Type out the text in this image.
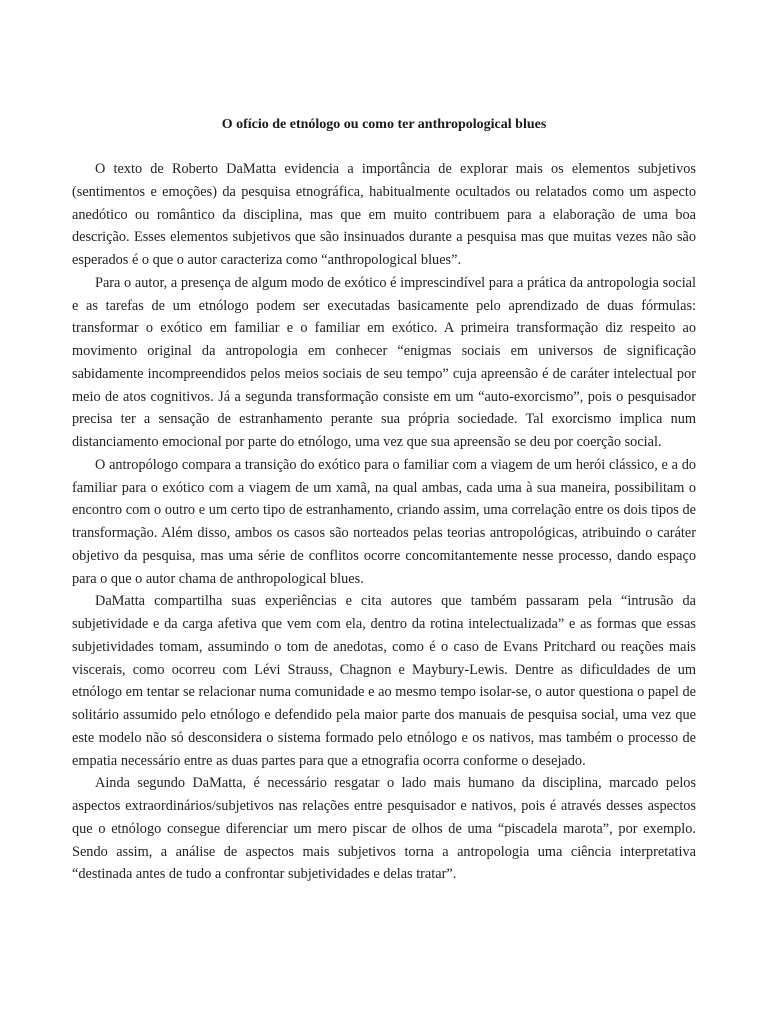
O ofício de etnólogo ou como ter anthropological blues

O texto de Roberto DaMatta evidencia a importância de explorar mais os elementos subjetivos (sentimentos e emoções) da pesquisa etnográfica, habitualmente ocultados ou relatados como um aspecto anedótico ou romântico da disciplina, mas que em muito contribuem para a elaboração de uma boa descrição. Esses elementos subjetivos que são insinuados durante a pesquisa mas que muitas vezes não são esperados é o que o autor caracteriza como “anthropological blues”.

Para o autor, a presença de algum modo de exótico é imprescindível para a prática da antropologia social e as tarefas de um etnólogo podem ser executadas basicamente pelo aprendizado de duas fórmulas: transformar o exótico em familiar e o familiar em exótico. A primeira transformação diz respeito ao movimento original da antropologia em conhecer “enigmas sociais em universos de significação sabidamente incompreendidos pelos meios sociais de seu tempo” cuja apreensão é de caráter intelectual por meio de atos cognitivos. Já a segunda transformação consiste em um “auto-exorcismo”, pois o pesquisador precisa ter a sensação de estranhamento perante sua própria sociedade. Tal exorcismo implica num distanciamento emocional por parte do etnólogo, uma vez que sua apreensão se deu por coerção social.

O antropólogo compara a transição do exótico para o familiar com a viagem de um herói clássico, e a do familiar para o exótico com a viagem de um xamã, na qual ambas, cada uma à sua maneira, possibilitam o encontro com o outro e um certo tipo de estranhamento, criando assim, uma correlação entre os dois tipos de transformação. Além disso, ambos os casos são norteados pelas teorias antropológicas, atribuindo o caráter objetivo da pesquisa, mas uma série de conflitos ocorre concomitantemente nesse processo, dando espaço para o que o autor chama de anthropological blues.

DaMatta compartilha suas experiências e cita autores que também passaram pela “intrusão da subjetividade e da carga afetiva que vem com ela, dentro da rotina intelectualizada” e as formas que essas subjetividades tomam, assumindo o tom de anedotas, como é o caso de Evans Pritchard ou reações mais viscerais, como ocorreu com Lévi Strauss, Chagnon e Maybury-Lewis. Dentre as dificuldades de um etnólogo em tentar se relacionar numa comunidade e ao mesmo tempo isolar-se, o autor questiona o papel de solitário assumido pelo etnólogo e defendido pela maior parte dos manuais de pesquisa social, uma vez que este modelo não só desconsidera o sistema formado pelo etnólogo e os nativos, mas também o processo de empatia necessário entre as duas partes para que a etnografia ocorra conforme o desejado.

Ainda segundo DaMatta, é necessário resgatar o lado mais humano da disciplina, marcado pelos aspectos extraordinários/subjetivos nas relações entre pesquisador e nativos, pois é através desses aspectos que o etnólogo consegue diferenciar um mero piscar de olhos de uma “piscadela marota”, por exemplo. Sendo assim, a análise de aspectos mais subjetivos torna a antropologia uma ciência interpretativa “destinada antes de tudo a confrontar subjetividades e delas tratar”.
